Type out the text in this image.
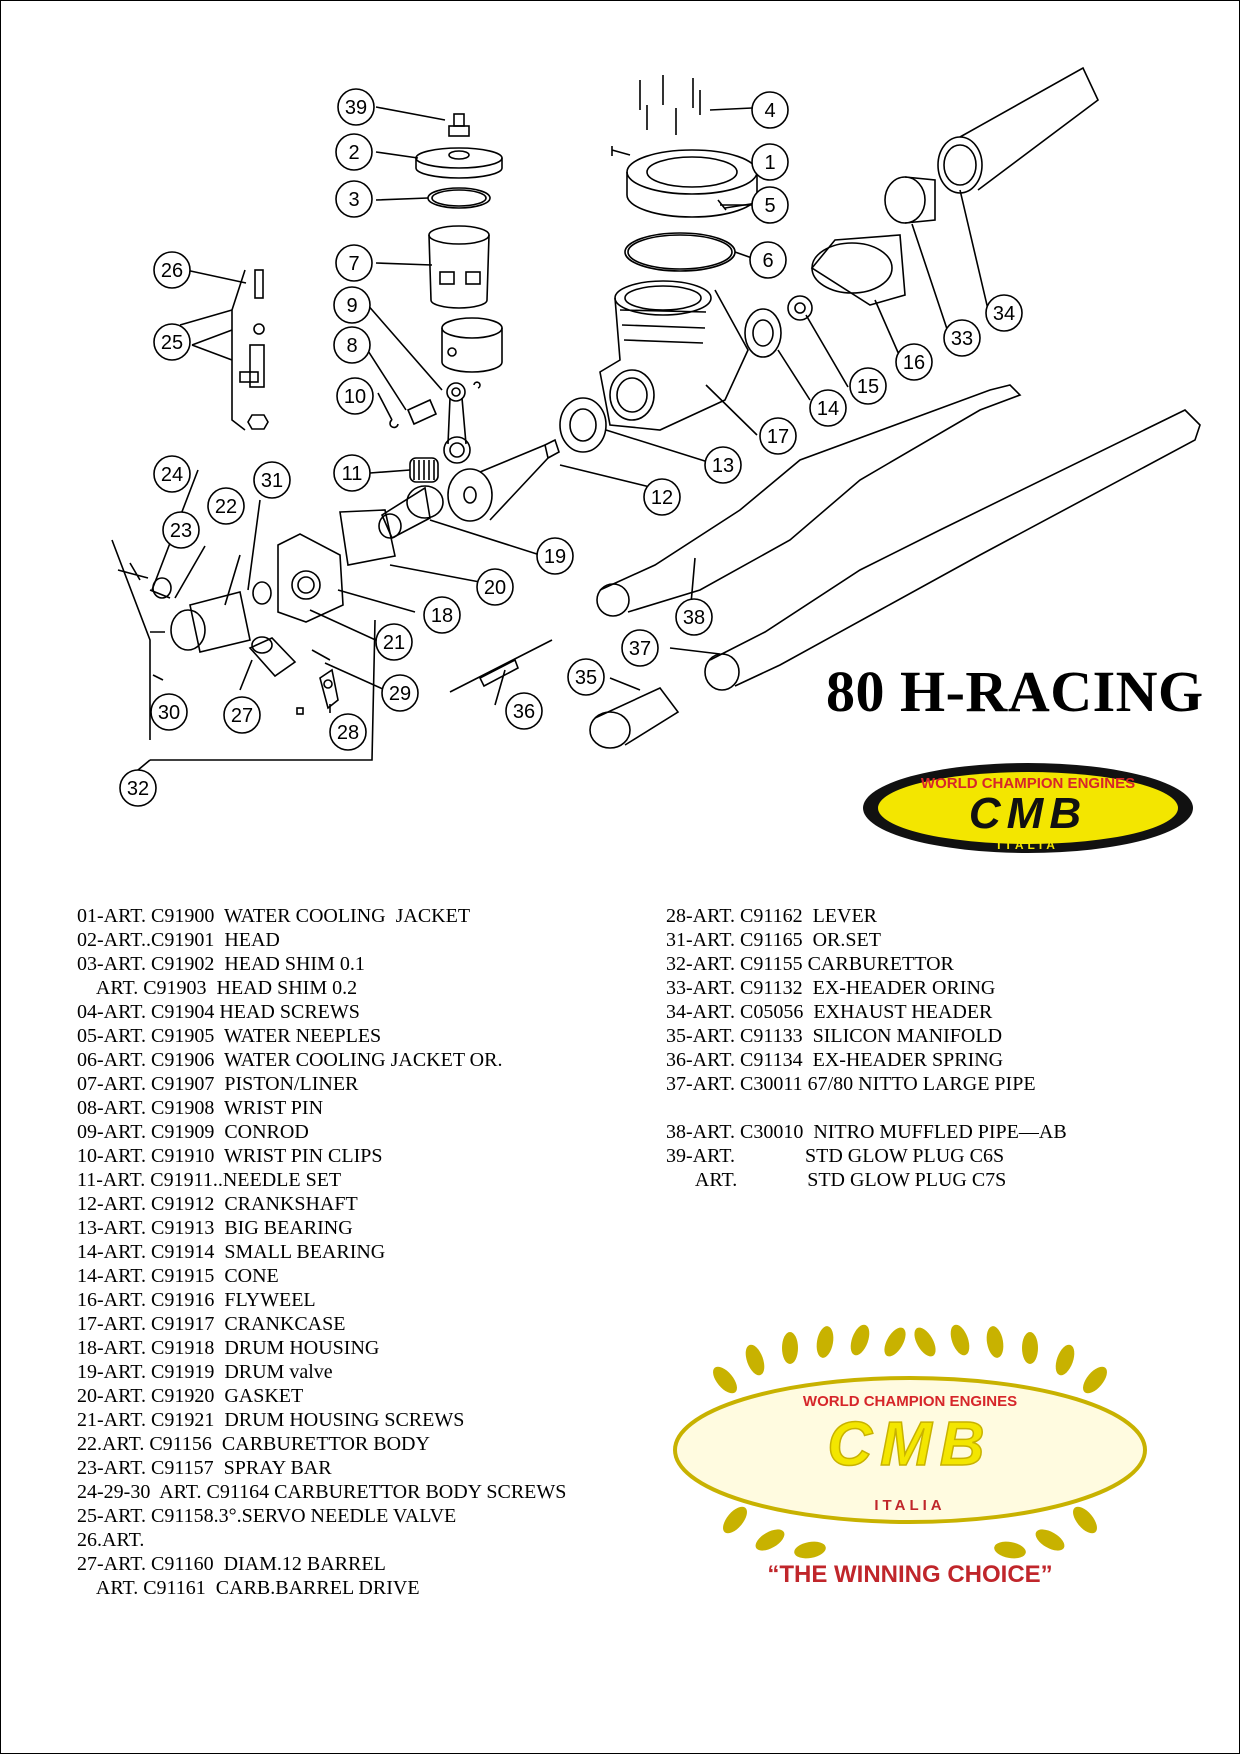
1
2
3
4
5
6
7
8
9
10
11
12
13
14
15
16
17
18
19
20
21
22
23
24
25
26
27
28
29
30
31
32
33
34
35
36
37
38
39
80 H-RACING
WORLD CHAMPION ENGINES
CMB
ITALIA
01-ART. C91900  WATER COOLING  JACKET
02-ART..C91901  HEAD
03-ART. C91902  HEAD SHIM 0.1
ART. C91903  HEAD SHIM 0.2
04-ART. C91904 HEAD SCREWS
05-ART. C91905  WATER NEEPLES
06-ART. C91906  WATER COOLING JACKET OR.
07-ART. C91907  PISTON/LINER
08-ART. C91908  WRIST PIN
09-ART. C91909  CONROD
10-ART. C91910  WRIST PIN CLIPS
11-ART. C91911..NEEDLE SET
12-ART. C91912  CRANKSHAFT
13-ART. C91913  BIG BEARING
14-ART. C91914  SMALL BEARING
14-ART. C91915  CONE
16-ART. C91916  FLYWEEL
17-ART. C91917  CRANKCASE
18-ART. C91918  DRUM HOUSING
19-ART. C91919  DRUM valve
20-ART. C91920  GASKET
21-ART. C91921  DRUM HOUSING SCREWS
22.ART. C91156  CARBURETTOR BODY
23-ART. C91157  SPRAY BAR
24-29-30  ART. C91164 CARBURETTOR BODY SCREWS
25-ART. C91158.3°.SERVO NEEDLE VALVE
26.ART.
27-ART. C91160  DIAM.12 BARREL
ART. C91161  CARB.BARREL DRIVE
28-ART. C91162  LEVER
31-ART. C91165  OR.SET
32-ART. C91155 CARBURETTOR
33-ART. C91132  EX-HEADER ORING
34-ART. C05056  EXHAUST HEADER
35-ART. C91133  SILICON MANIFOLD
36-ART. C91134  EX-HEADER SPRING
37-ART. C30011 67/80 NITTO LARGE PIPE
38-ART. C30010  NITRO MUFFLED PIPE—AB
39-ART.              STD GLOW PLUG C6S
ART.              STD GLOW PLUG C7S
WORLD CHAMPION ENGINES
CMB
ITALIA
“THE WINNING CHOICE”
